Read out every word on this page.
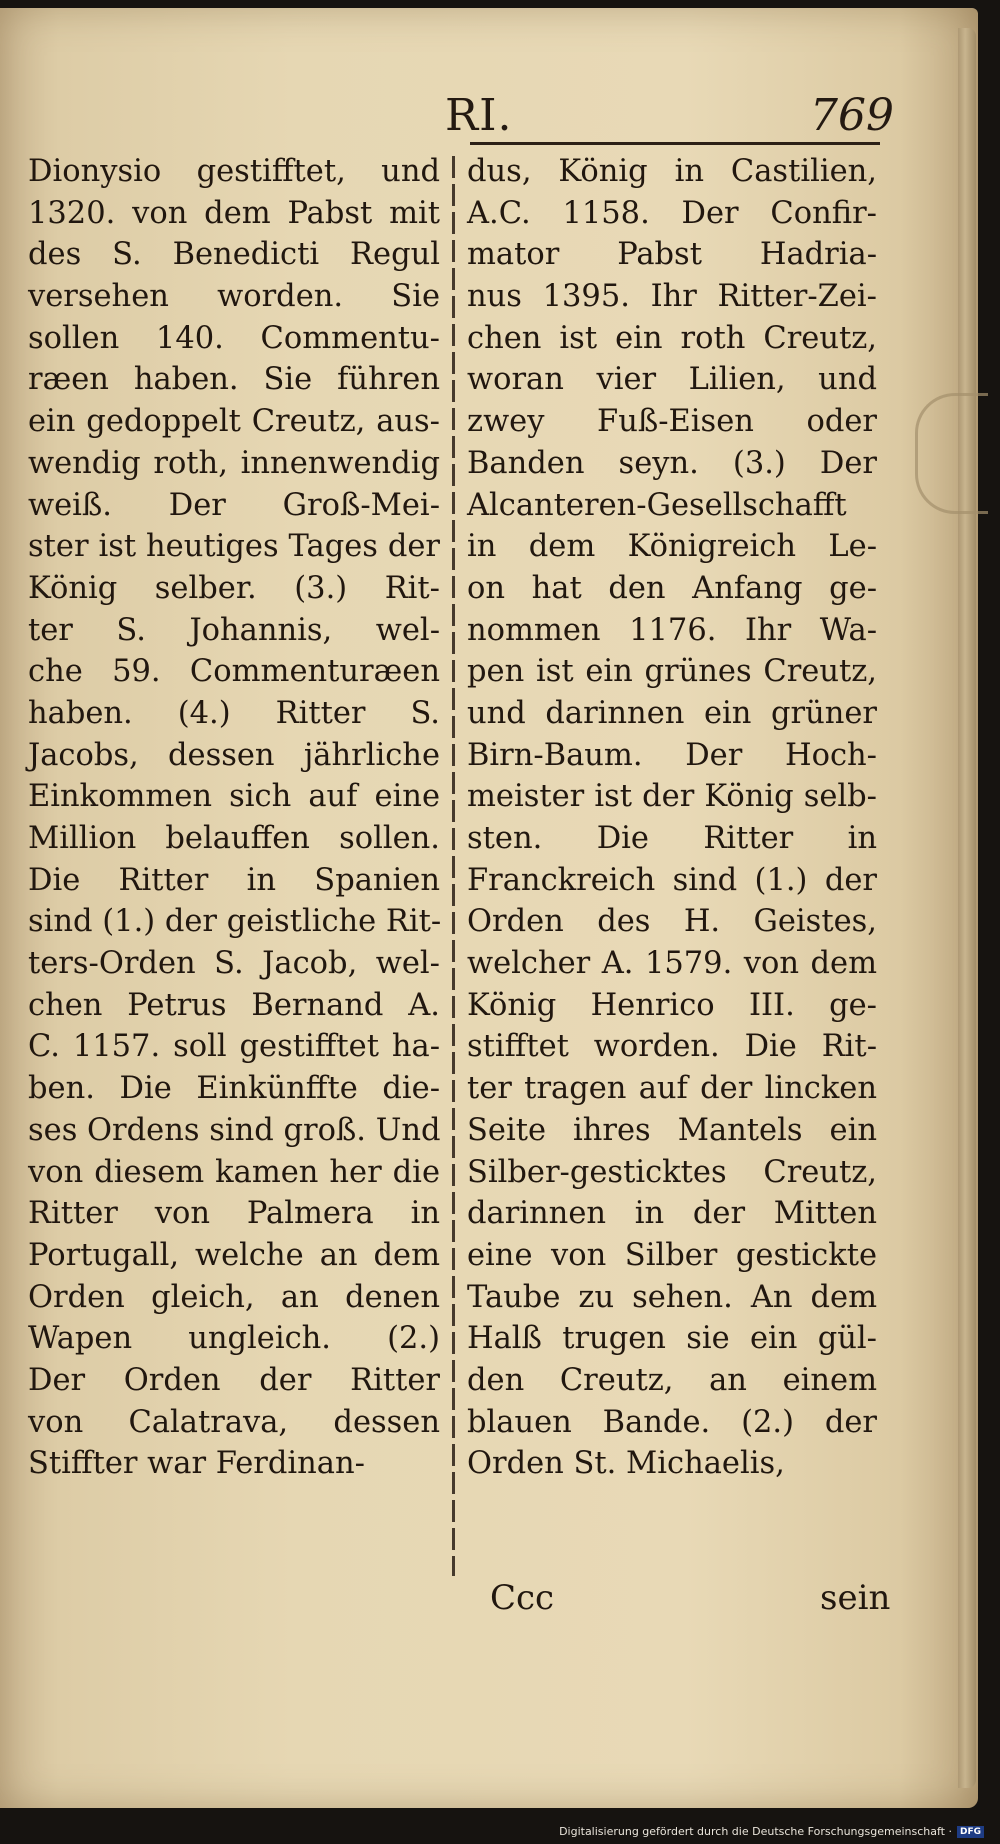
RI.	769
Dionysio gestifftet, und
1320. von dem Pabst mit
des S. Benedicti Regul
versehen worden. Sie
sollen 140. Commentu-
ræen haben. Sie führen
ein gedoppelt Creutz, aus-
wendig roth, innenwendig
weiß. Der Groß-Mei-
ster ist heutiges Tages der
König selber. (3.) Rit-
ter S. Johannis, wel-
che 59. Commenturæen
haben. (4.) Ritter S.
Jacobs, dessen jährliche
Einkommen sich auf eine
Million belauffen sollen.
Die Ritter in Spanien
sind (1.) der geistliche Rit-
ters-Orden S. Jacob, wel-
chen Petrus Bernand A.
C. 1157. soll gestifftet ha-
ben. Die Einkünffte die-
ses Ordens sind groß. Und
von diesem kamen her die
Ritter von Palmera in
Portugall, welche an dem
Orden gleich, an denen
Wapen ungleich. (2.)
Der Orden der Ritter
von Calatrava, dessen
Stiffter war Ferdinan-
dus, König in Castilien,
A.C. 1158. Der Confir-
mator Pabst Hadria-
nus 1395. Ihr Ritter-Zei-
chen ist ein roth Creutz,
woran vier Lilien, und
zwey Fuß-Eisen oder
Banden seyn. (3.) Der
Alcanteren-Gesellschafft
in dem Königreich Le-
on hat den Anfang ge-
nommen 1176. Ihr Wa-
pen ist ein grünes Creutz,
und darinnen ein grüner
Birn-Baum. Der Hoch-
meister ist der König selb-
sten. Die Ritter in
Franckreich sind (1.) der
Orden des H. Geistes,
welcher A. 1579. von dem
König Henrico III. ge-
stifftet worden. Die Rit-
ter tragen auf der lincken
Seite ihres Mantels ein
Silber-gesticktes Creutz,
darinnen in der Mitten
eine von Silber gestickte
Taube zu sehen. An dem
Halß trugen sie ein gül-
den Creutz, an einem
blauen Bande. (2.) der
Orden St. Michaelis,
Ccc	sein
Digitalisierung gefördert durch die Deutsche Forschungsgemeinschaft · DFG
